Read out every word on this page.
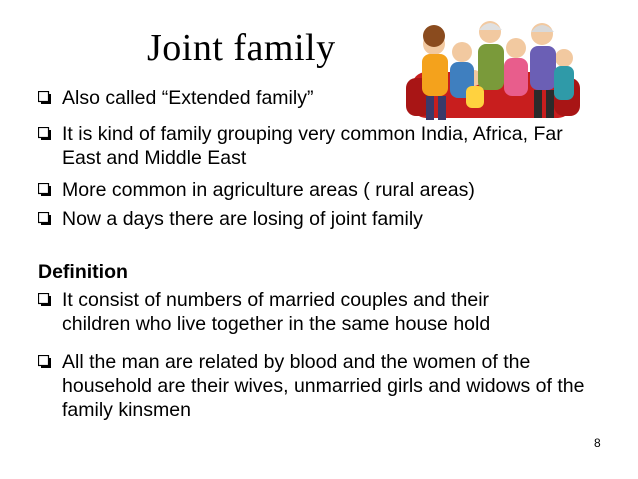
Joint family
Also called “Extended family”
It is kind of family grouping very common India, Africa, Far East and Middle East
More common in agriculture areas ( rural areas)
Now a days there are losing of joint family
Definition
It consist of numbers of married couples and their children who live together in the same house hold
All the man are related by blood and the women of the household are their wives, unmarried girls and widows of the family kinsmen
8
